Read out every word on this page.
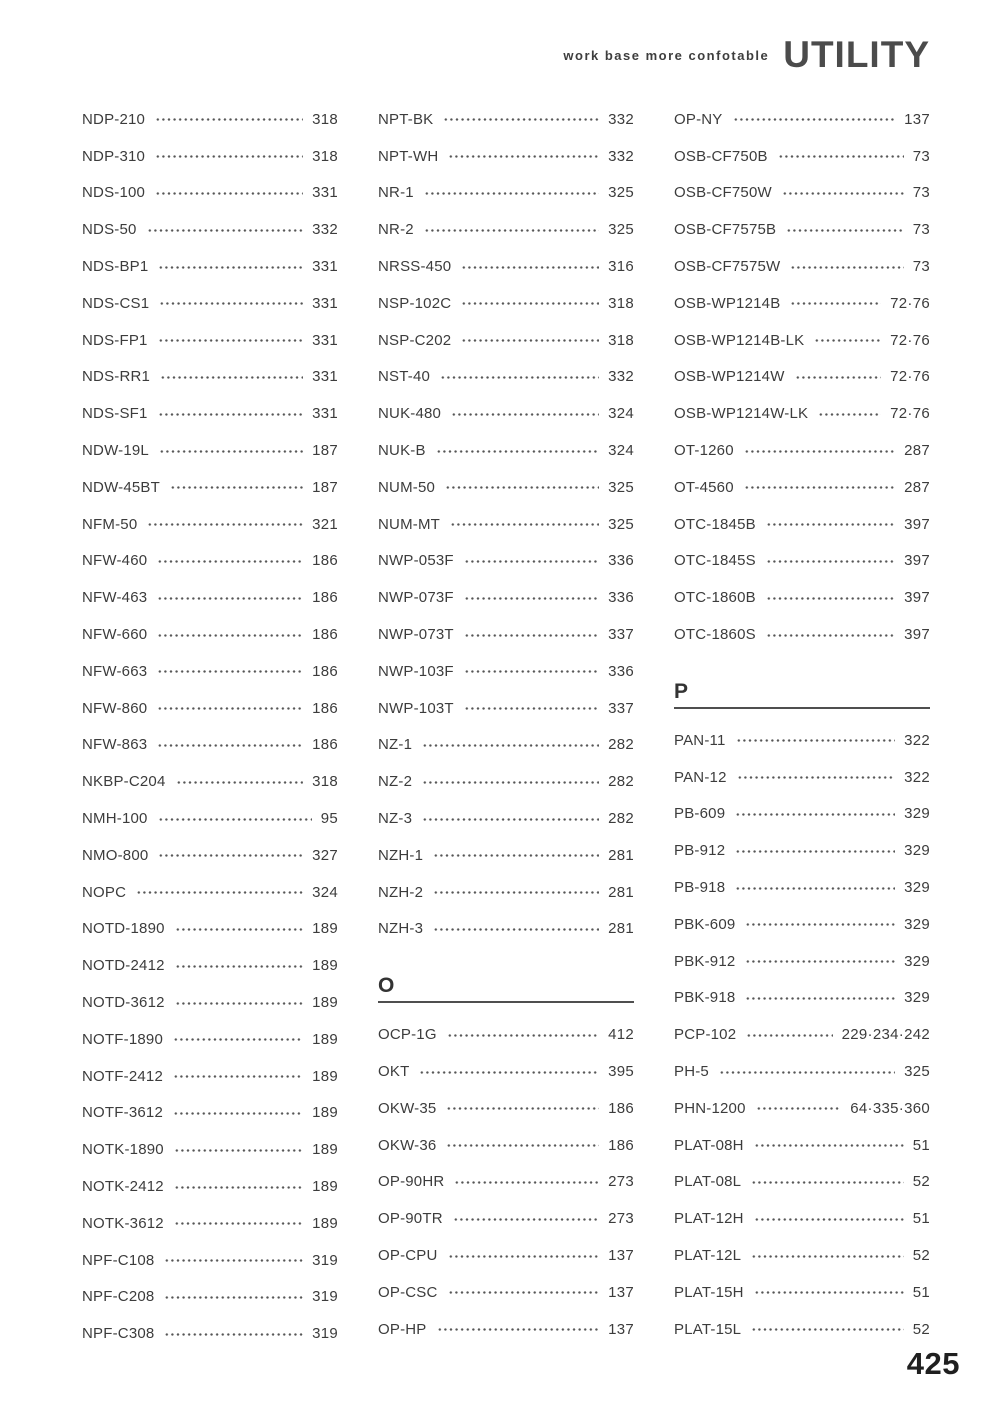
work base more confotable UTILITY
NDP-210	318
NDP-310	318
NDS-100	331
NDS-50	332
NDS-BP1	331
NDS-CS1	331
NDS-FP1	331
NDS-RR1	331
NDS-SF1	331
NDW-19L	187
NDW-45BT	187
NFM-50	321
NFW-460	186
NFW-463	186
NFW-660	186
NFW-663	186
NFW-860	186
NFW-863	186
NKBP-C204	318
NMH-100	95
NMO-800	327
NOPC	324
NOTD-1890	189
NOTD-2412	189
NOTD-3612	189
NOTF-1890	189
NOTF-2412	189
NOTF-3612	189
NOTK-1890	189
NOTK-2412	189
NOTK-3612	189
NPF-C108	319
NPF-C208	319
NPF-C308	319
NPT-BK	332
NPT-WH	332
NR-1	325
NR-2	325
NRSS-450	316
NSP-102C	318
NSP-C202	318
NST-40	332
NUK-480	324
NUK-B	324
NUM-50	325
NUM-MT	325
NWP-053F	336
NWP-073F	336
NWP-073T	337
NWP-103F	336
NWP-103T	337
NZ-1	282
NZ-2	282
NZ-3	282
NZH-1	281
NZH-2	281
NZH-3	281
O
OCP-1G	412
OKT	395
OKW-35	186
OKW-36	186
OP-90HR	273
OP-90TR	273
OP-CPU	137
OP-CSC	137
OP-HP	137
OP-NY	137
OSB-CF750B	73
OSB-CF750W	73
OSB-CF7575B	73
OSB-CF7575W	73
OSB-WP1214B	72·76
OSB-WP1214B-LK	72·76
OSB-WP1214W	72·76
OSB-WP1214W-LK	72·76
OT-1260	287
OT-4560	287
OTC-1845B	397
OTC-1845S	397
OTC-1860B	397
OTC-1860S	397
P
PAN-11	322
PAN-12	322
PB-609	329
PB-912	329
PB-918	329
PBK-609	329
PBK-912	329
PBK-918	329
PCP-102	229·234·242
PH-5	325
PHN-1200	64·335·360
PLAT-08H	51
PLAT-08L	52
PLAT-12H	51
PLAT-12L	52
PLAT-15H	51
PLAT-15L	52
425
